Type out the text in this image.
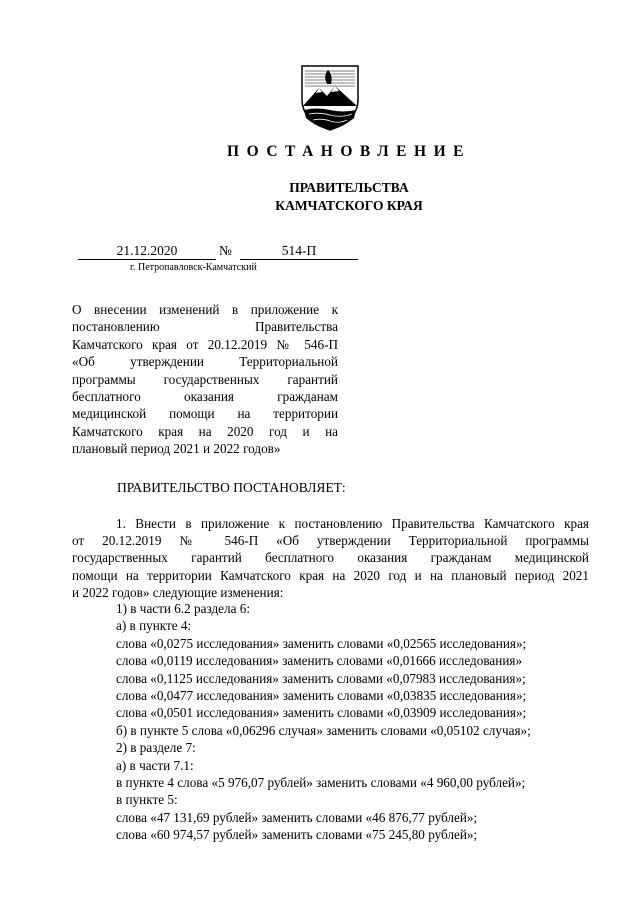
ПОСТАНОВЛЕНИЕ
ПРАВИТЕЛЬСТВА
КАМЧАТСКОГО КРАЯ
21.12.2020	№	514-П
г. Петропавловск-Камчатский
О внесении изменений в приложение к
постановлению Правительства
Камчатского края от 20.12.2019 № 546-П
«Об утверждении Территориальной
программы государственных гарантий
бесплатного оказания гражданам
медицинской помощи на территории
Камчатского края на 2020 год и на
плановый период 2021 и 2022 годов»
ПРАВИТЕЛЬСТВО ПОСТАНОВЛЯЕТ:
1. Внести в приложение к постановлению Правительства Камчатского края
от 20.12.2019 № 546-П «Об утверждении Территориальной программы
государственных гарантий бесплатного оказания гражданам медицинской
помощи на территории Камчатского края на 2020 год и на плановый период 2021
и 2022 годов» следующие изменения:
1) в части 6.2 раздела 6:
а) в пункте 4:
слова «0,0275 исследования» заменить словами «0,02565 исследования»;
слова «0,0119 исследования» заменить словами «0,01666 исследования»
слова «0,1125 исследования» заменить словами «0,07983 исследования»;
слова «0,0477 исследования» заменить словами «0,03835 исследования»;
слова «0,0501 исследования» заменить словами «0,03909 исследования»;
б) в пункте 5 слова «0,06296 случая» заменить словами «0,05102 случая»;
2) в разделе 7:
а) в части 7.1:
в пункте 4 слова «5 976,07 рублей» заменить словами «4 960,00 рублей»;
в пункте 5:
слова «47 131,69 рублей» заменить словами «46 876,77 рублей»;
слова «60 974,57 рублей» заменить словами «75 245,80 рублей»;
